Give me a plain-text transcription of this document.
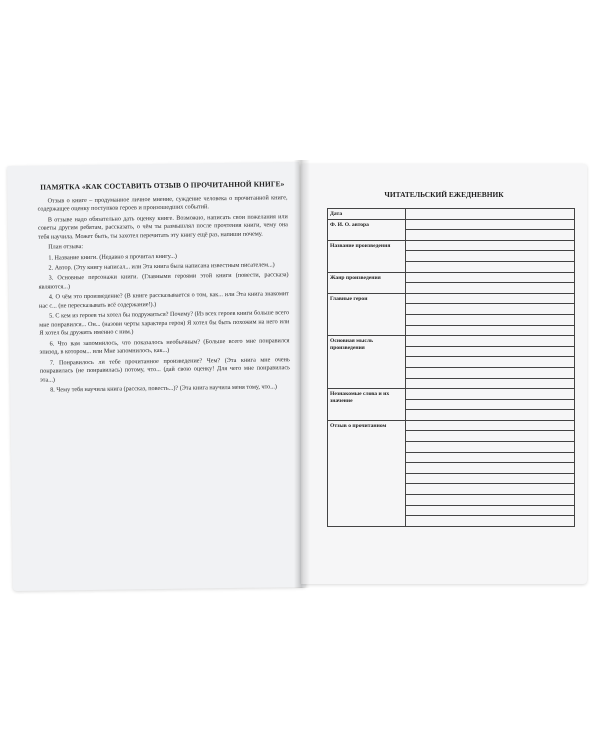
ПАМЯТКА «КАК СОСТАВИТЬ ОТЗЫВ О ПРОЧИТАННОЙ КНИГЕ»

Отзыв о книге – продуманное личное мнение, суждение человека о прочитанной книге, содержащее оценку поступков героев и произошедших событий.

В отзыве надо обязательно дать оценку книге. Возможно, написать свои пожелания или советы другим ребятам, рассказать, о чём ты размышлял после прочтения книги, чему она тебя научила. Может быть, ты захотел перечитать эту книгу ещё раз, напиши почему.

План отзыва:

1. Название книги. (Недавно я прочитал книгу...)

2. Автор. (Эту книгу написал... или Эта книга была написана известным писателем...)

3. Основные персонажи книги. (Главными героями этой книги (повести, рассказа) являются...)

4. О чём это произведение? (В книге рассказывается о том, как... или Эта книга знакомит нас с... (не пересказывать всё содержание!).)

5. С кем из героев ты хотел бы подружиться? Почему? (Из всех героев книги больше всего мне понравился... Он... (назови черты характера героя) Я хотел бы быть похожим на него или Я хотел бы дружить именно с ним.)

6. Что вам запомнилось, что показалось необычным? (Больше всего мне понравился эпизод, в котором... или Мне запомнилось, как...)

7. Понравилось ли тебе прочитанное произведение? Чем? (Эта книга мне очень понравилась (не понравилась) потому, что... (дай свою оценку! Для чего мне понравилась эта...)

8. Чему тебя научила книга (рассказ, повесть...)? (Эта книга научила меня тому, что...)

ЧИТАТЕЛЬСКИЙ ЕЖЕДНЕВНИК
Дата	

Ф. И. О. автора	

Название произведения	

Жанр произведения	

Главные герои	

Основная мысль произведения	

Незнакомые слова и их значение	

Отзыв о прочитанном	
